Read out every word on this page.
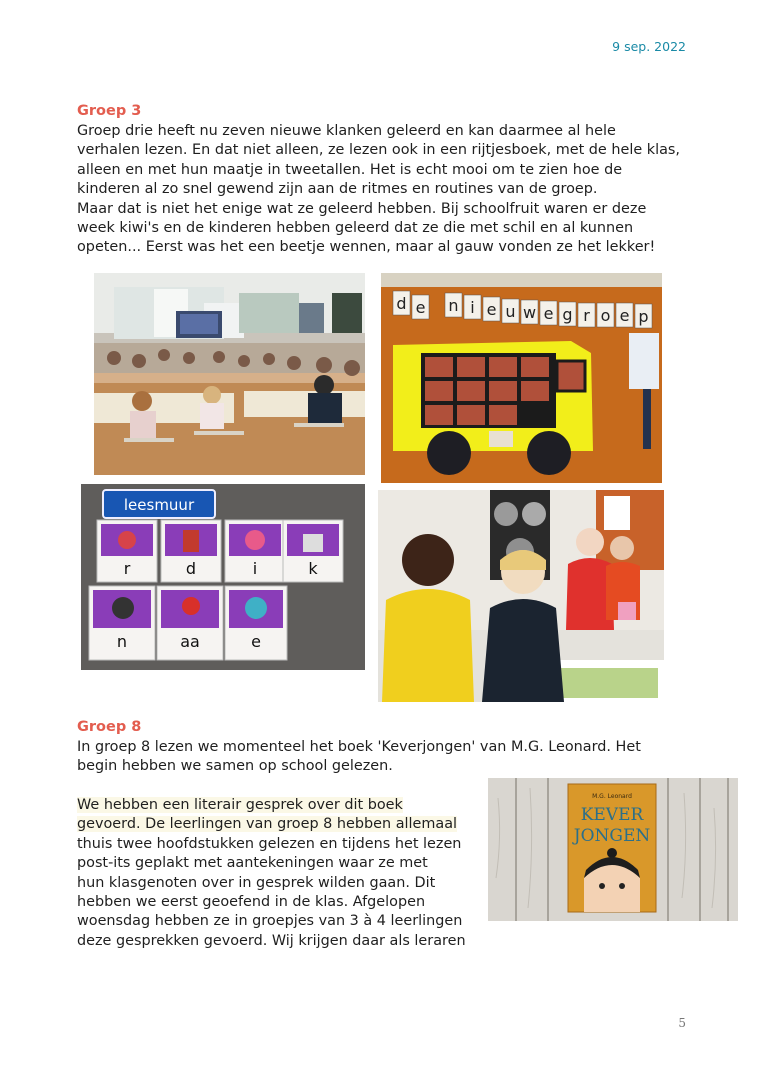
9 sep. 2022
Groep 3
Groep drie heeft nu zeven nieuwe klanken geleerd en kan daarmee al hele
verhalen lezen. En dat niet alleen, ze lezen ook in een rijtjesboek, met de hele klas,
alleen en met hun maatje in tweetallen. Het is echt mooi om te zien hoe de
kinderen al zo snel gewend zijn aan de ritmes en routines van de groep.
Maar dat is niet het enige wat ze geleerd hebben. Bij schoolfruit waren er deze
week kiwi's en de kinderen hebben geleerd dat ze die met schil en al kunnen
opeten... Eerst was het een beetje wennen, maar al gauw vonden ze het lekker!
d e n i e u w e g r o e p
leesmuur
r	d	i	k
n	aa	e
Groep 8
In groep 8 lezen we momenteel het boek 'Keverjongen' van M.G. Leonard. Het
begin hebben we samen op school gelezen.
We hebben een literair gesprek over dit boek
gevoerd. De leerlingen van groep 8 hebben allemaal
thuis twee hoofdstukken gelezen en tijdens het lezen
post-its geplakt met aantekeningen waar ze met
hun klasgenoten over in gesprek wilden gaan. Dit
hebben we eerst geoefend in de klas. Afgelopen
woensdag hebben ze in groepjes van 3 à 4 leerlingen
deze gesprekken gevoerd. Wij krijgen daar als leraren
M.G. Leonard
KEVER
JONGEN
5
